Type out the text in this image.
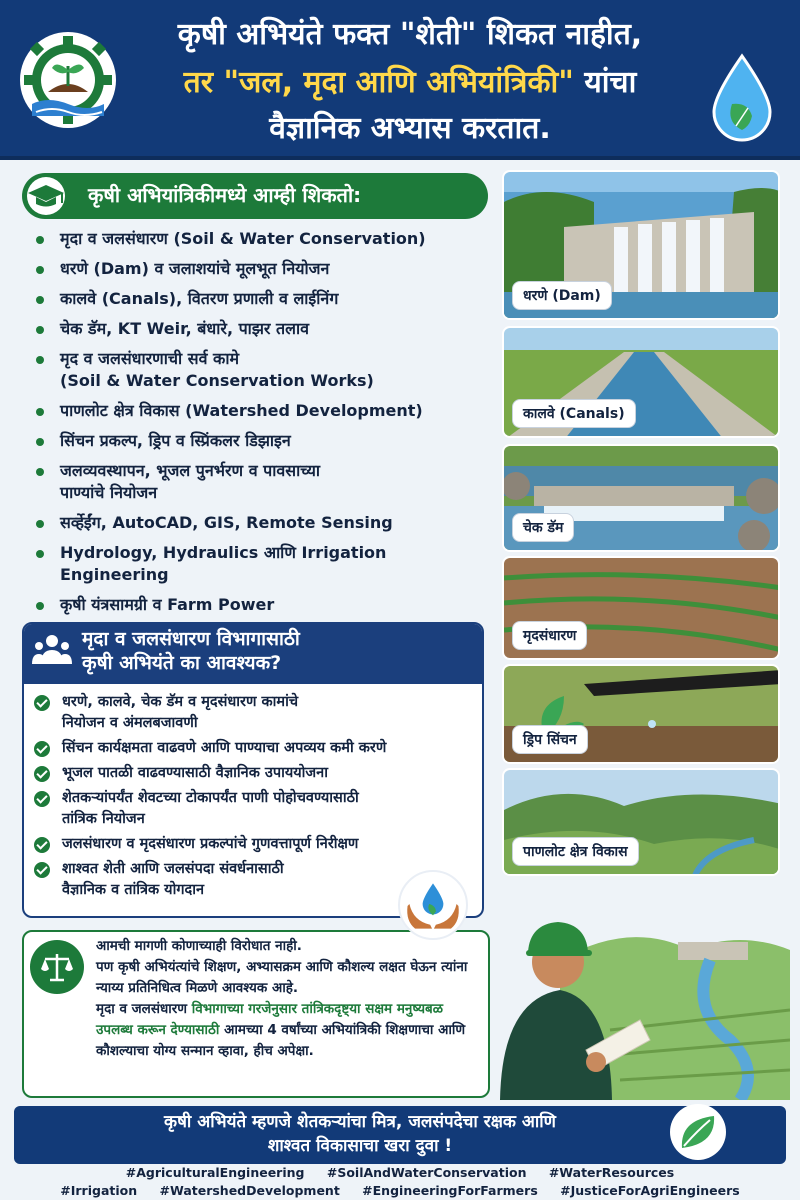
कृषी अभियंते फक्त "शेती" शिकत नाहीत,
तर "जल, मृदा आणि अभियांत्रिकी" यांचा
वैज्ञानिक अभ्यास करतात.
कृषी अभियांत्रिकीमध्ये आम्ही शिकतो:
मृदा व जलसंधारण (Soil & Water Conservation)
धरणे (Dam) व जलाशयांचे मूलभूत नियोजन
कालवे (Canals), वितरण प्रणाली व लाईनिंग
चेक डॅम, KT Weir, बंधारे, पाझर तलाव
मृद व जलसंधारणाची सर्व कामे
(Soil & Water Conservation Works)
पाणलोट क्षेत्र विकास (Watershed Development)
सिंचन प्रकल्प, ड्रिप व स्प्रिंकलर डिझाइन
जलव्यवस्थापन, भूजल पुनर्भरण व पावसाच्या
पाण्यांचे नियोजन
सर्व्हेईंग, AutoCAD, GIS, Remote Sensing
Hydrology, Hydraulics आणि Irrigation Engineering
कृषी यंत्रसामग्री व Farm Power
मृदा व जलसंधारण विभागासाठी
कृषी अभियंते का आवश्यक?
धरणे, कालवे, चेक डॅम व मृदसंधारण कामांचे
नियोजन व अंमलबजावणी
सिंचन कार्यक्षमता वाढवणे आणि पाण्याचा अपव्यय कमी करणे
भूजल पातळी वाढवण्यासाठी वैज्ञानिक उपाययोजना
शेतकऱ्यांपर्यंत शेवटच्या टोकापर्यंत पाणी पोहोचवण्यासाठी
तांत्रिक नियोजन
जलसंधारण व मृदसंधारण प्रकल्पांचे गुणवत्तापूर्ण निरीक्षण
शाश्वत शेती आणि जलसंपदा संवर्धनासाठी
वैज्ञानिक व तांत्रिक योगदान
आमची मागणी कोणाच्याही विरोधात नाही.
पण कृषी अभियंत्यांचे शिक्षण, अभ्यासक्रम आणि कौशल्य लक्षत घेऊन त्यांना न्याय्य प्रतिनिधित्व मिळणे आवश्यक आहे.
मृदा व जलसंधारण विभागाच्या गरजेनुसार तांत्रिकदृष्ट्या सक्षम मनुष्यबळ उपलब्ध करून देण्यासाठी आमच्या 4 वर्षांच्या अभियांत्रिकी शिक्षणाचा आणि कौशल्याचा योग्य सन्मान व्हावा, हीच अपेक्षा.
धरणे (Dam)
कालवे (Canals)
चेक डॅम
मृदसंधारण
ड्रिप सिंचन
पाणलोट क्षेत्र विकास
कृषी अभियंते म्हणजे शेतकऱ्यांचा मित्र, जलसंपदेचा रक्षक आणि
शाश्वत विकासाचा खरा दुवा !
#AgriculturalEngineering #SoilAndWaterConservation #WaterResources
#Irrigation #WatershedDevelopment #EngineeringForFarmers #JusticeForAgriEngineers
